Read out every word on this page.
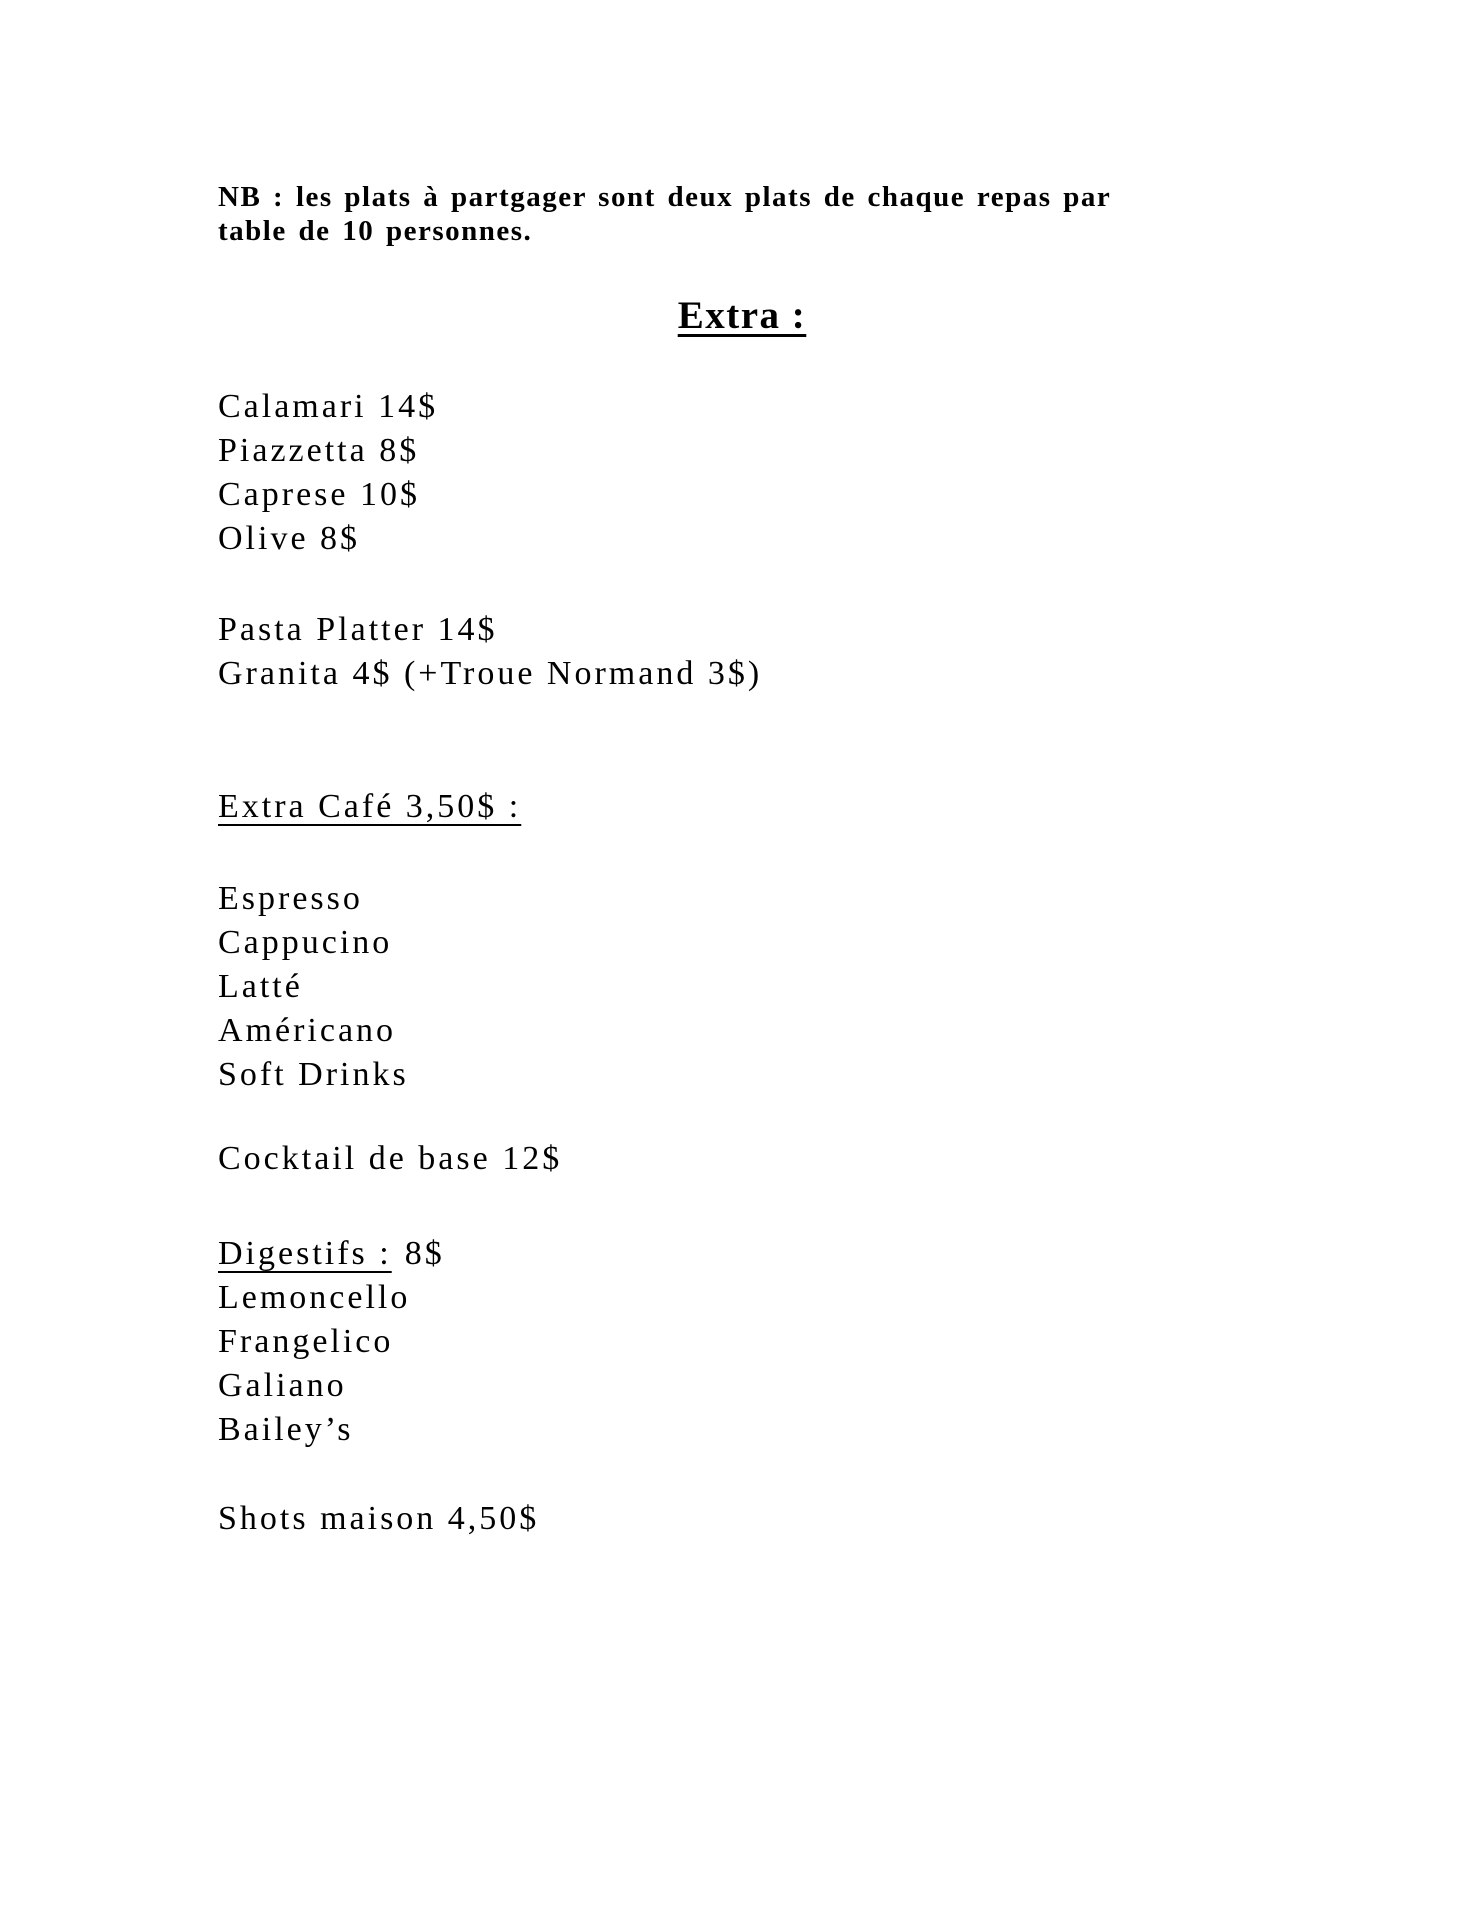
NB : les plats à partgager sont deux plats de chaque repas par
table de 10 personnes.
Extra :
Calamari 14$
Piazzetta 8$
Caprese 10$
Olive 8$
Pasta Platter 14$
Granita 4$ (+Troue Normand 3$)
Extra Café 3,50$ :
Espresso
Cappucino
Latté
Américano
Soft Drinks
Cocktail de base 12$
Digestifs : 8$
Lemoncello
Frangelico
Galiano
Bailey’s
Shots maison 4,50$
